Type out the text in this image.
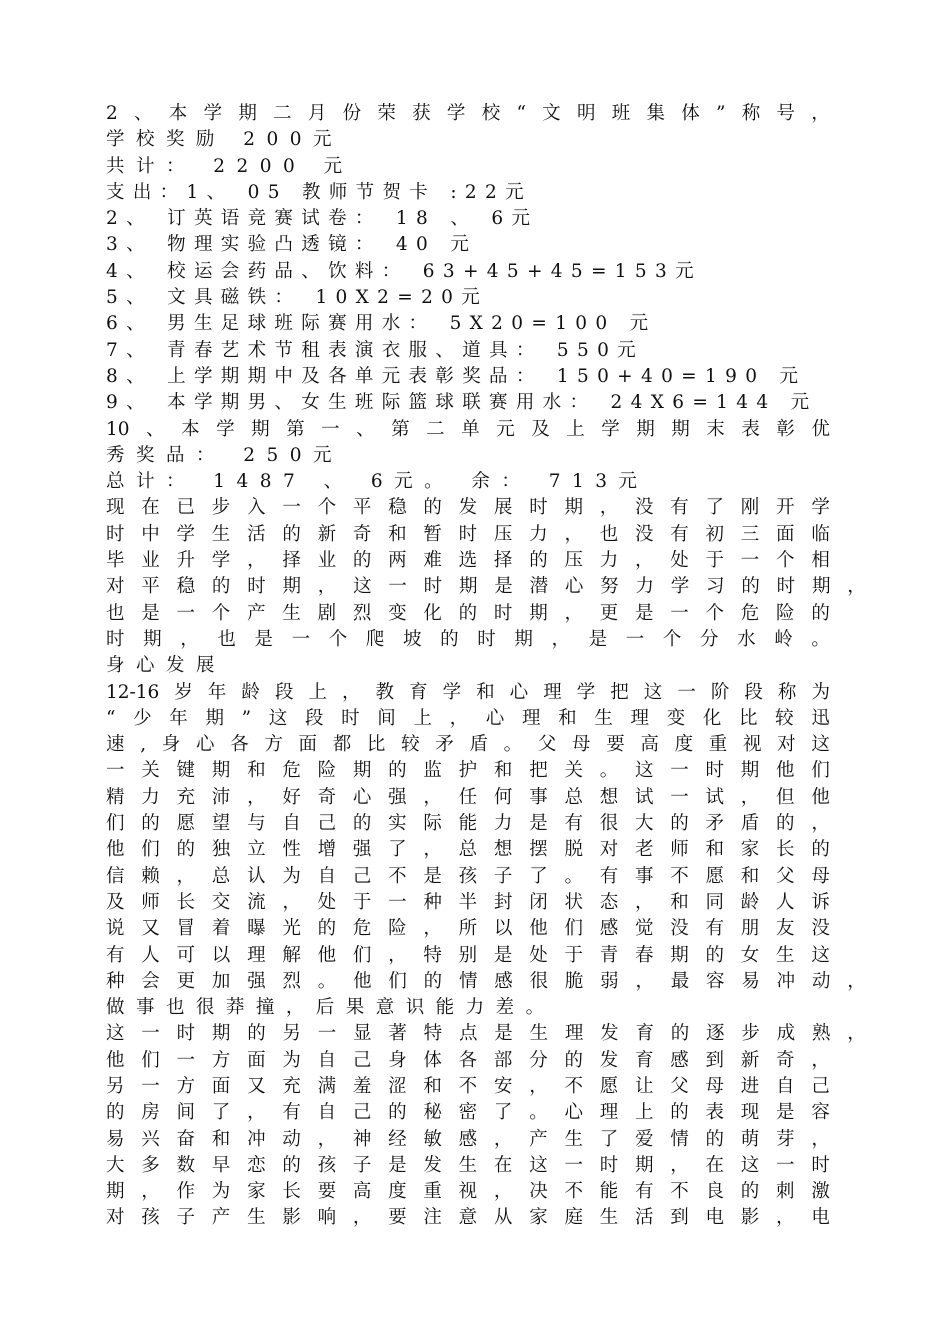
2 、 本 学 期 二 月 份 荣 获 学 校 “ 文 明 班 集 体 ” 称 号 ，
学校奖励 200元
共计： 2200 元
支出：1、 05 教师节贺卡 :22元
2、 订英语竞赛试卷： 18 、 6元
3、 物理实验凸透镜： 40 元
4、 校运会药品、饮料： 63+45+45=153元
5、 文具磁铁： 10X2=20元
6、 男生足球班际赛用水： 5X20=100 元
7、 青春艺术节租表演衣服、道具： 550元
8、 上学期期中及各单元表彰奖品： 150+40=190 元
9、 本学期男、女生班际篮球联赛用水： 24X6=144 元
10 、 本 学 期 第 一 、 第 二 单 元 及 上 学 期 期 末 表 彰 优
秀奖品： 250元
总计： 1487 、 6元。 余： 713元
现 在 已 步 入 一 个 平 稳 的 发 展 时 期 ， 没 有 了 刚 开 学
时 中 学 生 活 的 新 奇 和 暂 时 压 力 ， 也 没 有 初 三 面 临
毕 业 升 学 ， 择 业 的 两 难 选 择 的 压 力 ， 处 于 一 个 相
对 平 稳 的 时 期 ， 这 一 时 期 是 潜 心 努 力 学 习 的 时 期 ，
也 是 一 个 产 生 剧 烈 变 化 的 时 期 ， 更 是 一 个 危 险 的
时 期 ， 也 是 一 个 爬 坡 的 时 期 ， 是 一 个 分 水 岭 。
身心发展
12-16 岁 年 龄 段 上 ， 教 育 学 和 心 理 学 把 这 一 阶 段 称 为
“ 少 年 期 ” 这 段 时 间 上 ， 心 理 和 生 理 变 化 比 较 迅
速 , 身 心 各 方 面 都 比 较 矛 盾 。 父 母 要 高 度 重 视 对 这
一 关 键 期 和 危 险 期 的 监 护 和 把 关 。 这 一 时 期 他 们
精 力 充 沛 ， 好 奇 心 强 ， 任 何 事 总 想 试 一 试 ， 但 他
们 的 愿 望 与 自 己 的 实 际 能 力 是 有 很 大 的 矛 盾 的 ，
他 们 的 独 立 性 增 强 了 ， 总 想 摆 脱 对 老 师 和 家 长 的
信 赖 ， 总 认 为 自 己 不 是 孩 子 了 。 有 事 不 愿 和 父 母
及 师 长 交 流 ， 处 于 一 种 半 封 闭 状 态 ， 和 同 龄 人 诉
说 又 冒 着 曝 光 的 危 险 ， 所 以 他 们 感 觉 没 有 朋 友 没
有 人 可 以 理 解 他 们 ， 特 别 是 处 于 青 春 期 的 女 生 这
种 会 更 加 强 烈 。 他 们 的 情 感 很 脆 弱 ， 最 容 易 冲 动 ，
做事也很莽撞，后果意识能力差。
这 一 时 期 的 另 一 显 著 特 点 是 生 理 发 育 的 逐 步 成 熟 ，
他 们 一 方 面 为 自 己 身 体 各 部 分 的 发 育 感 到 新 奇 ，
另 一 方 面 又 充 满 羞 涩 和 不 安 ， 不 愿 让 父 母 进 自 己
的 房 间 了 ， 有 自 己 的 秘 密 了 。 心 理 上 的 表 现 是 容
易 兴 奋 和 冲 动 ， 神 经 敏 感 ， 产 生 了 爱 情 的 萌 芽 ，
大 多 数 早 恋 的 孩 子 是 发 生 在 这 一 时 期 ， 在 这 一 时
期 ， 作 为 家 长 要 高 度 重 视 ， 决 不 能 有 不 良 的 刺 激
对 孩 子 产 生 影 响 ， 要 注 意 从 家 庭 生 活 到 电 影 ， 电
